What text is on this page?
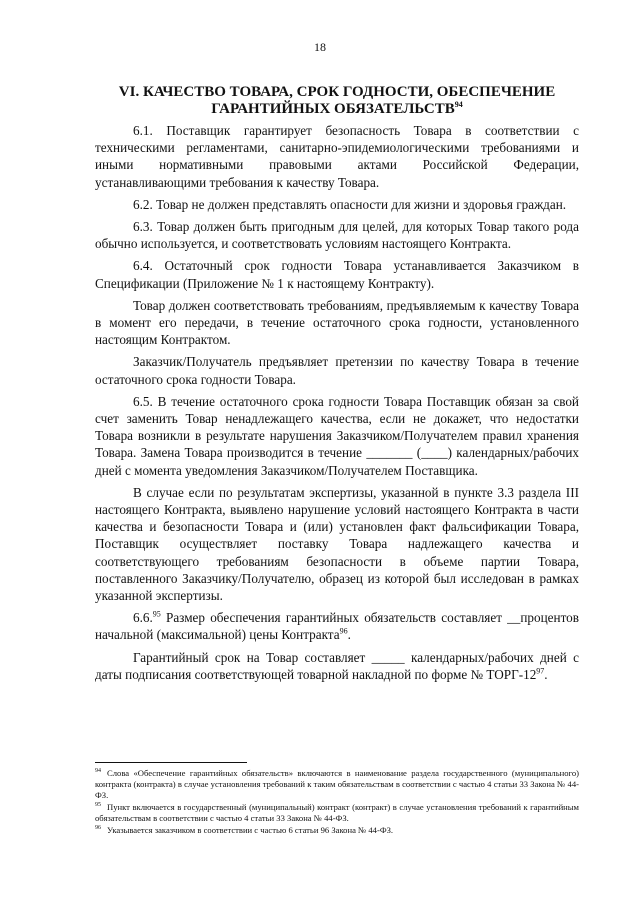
18
VI. КАЧЕСТВО ТОВАРА, СРОК ГОДНОСТИ, ОБЕСПЕЧЕНИЕ
ГАРАНТИЙНЫХ ОБЯЗАТЕЛЬСТВ$^{94}$

6.1. Поставщик гарантирует безопасность Товара в соответствии с техническими регламентами, санитарно-эпидемиологическими требованиями и иными нормативными правовыми актами Российской Федерации, устанавливающими требования к качеству Товара.

6.2. Товар не должен представлять опасности для жизни и здоровья граждан.

6.3. Товар должен быть пригодным для целей, для которых Товар такого рода обычно используется, и соответствовать условиям настоящего Контракта.

6.4. Остаточный срок годности Товара устанавливается Заказчиком в Спецификации (Приложение № 1 к настоящему Контракту).

Товар должен соответствовать требованиям, предъявляемым к качеству Товара в момент его передачи, в течение остаточного срока годности, установленного настоящим Контрактом.

Заказчик/Получатель предъявляет претензии по качеству Товара в течение остаточного срока годности Товара.

6.5. В течение остаточного срока годности Товара Поставщик обязан за свой счет заменить Товар ненадлежащего качества, если не докажет, что недостатки Товара возникли в результате нарушения Заказчиком/Получателем правил хранения Товара. Замена Товара производится в течение _______ (____) календарных/рабочих дней с момента уведомления Заказчиком/Получателем Поставщика.

В случае если по результатам экспертизы, указанной в пункте 3.3 раздела III настоящего Контракта, выявлено нарушение условий настоящего Контракта в части качества и безопасности Товара и (или) установлен факт фальсификации Товара, Поставщик осуществляет поставку Товара надлежащего качества и соответствующего требованиям безопасности в объеме партии Товара, поставленного Заказчику/Получателю, образец из которой был исследован в рамках указанной экспертизы.

6.6.95 Размер обеспечения гарантийных обязательств составляет __процентов начальной (максимальной) цены Контракта$^{96}$.

Гарантийный срок на Товар составляет _____ календарных/рабочих дней с даты подписания соответствующей товарной накладной по форме № ТОРГ-$12^{97}$.

$^{94}$ Слова «Обеспечение гарантийных обязательств» включаются в наименование раздела государственного (муниципального) контракта (контракта) в случае установления требований к таким обязательствам в соответствии с частью 4 статьи 33 Закона № 44-ФЗ.

$^{95}$ Пункт включается в государственный (муниципальный) контракт (контракт) в случае установления требований к гарантийным обязательствам в соответствии с частью 4 статьи 33 Закона № 44-ФЗ.

$^{96}$ Указывается заказчиком в соответствии с частью 6 статьи 96 Закона № 44-ФЗ.
